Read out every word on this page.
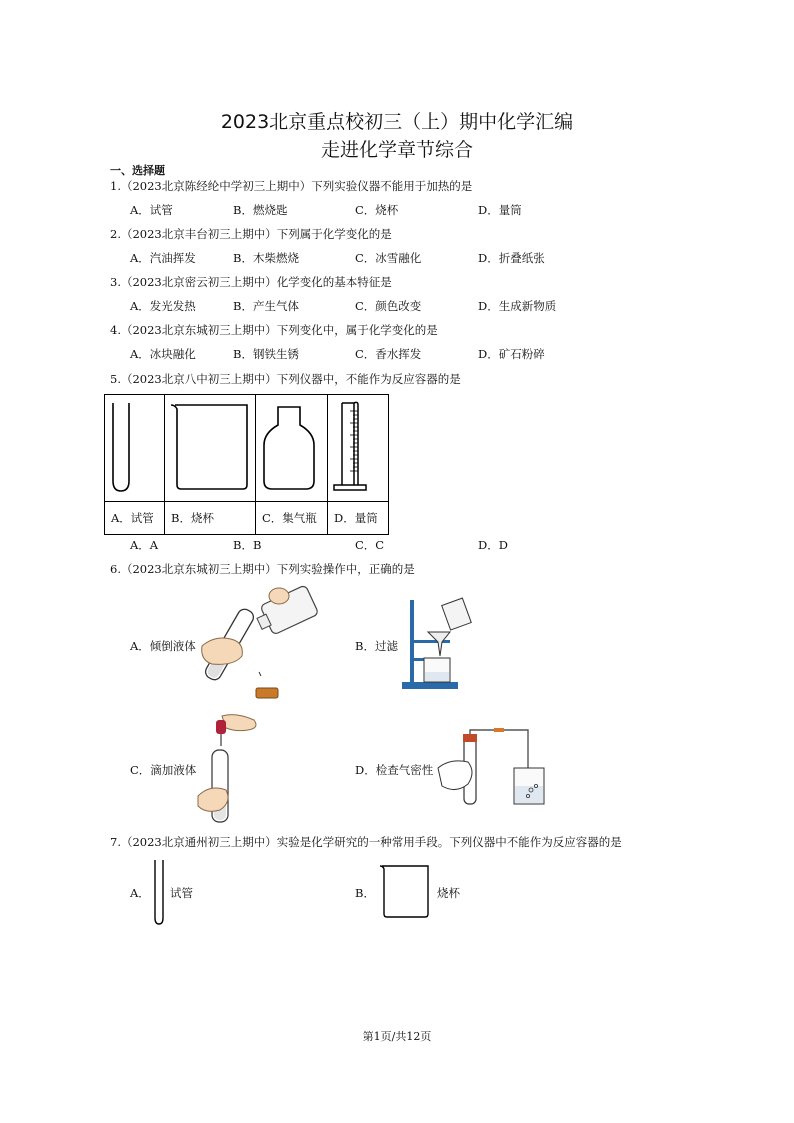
2023北京重点校初三（上）期中化学汇编
走进化学章节综合
一、选择题
1.（2023北京陈经纶中学初三上期中）下列实验仪器不能用于加热的是
A．试管	B．燃烧匙	C．烧杯	D．量筒
2.（2023北京丰台初三上期中）下列属于化学变化的是
A．汽油挥发	B．木柴燃烧	C．冰雪融化	D．折叠纸张
3.（2023北京密云初三上期中）化学变化的基本特征是
A．发光发热	B．产生气体	C．颜色改变	D．生成新物质
4.（2023北京东城初三上期中）下列变化中，属于化学变化的是
A．冰块融化	B．钢铁生锈	C．香水挥发	D．矿石粉碎
5.（2023北京八中初三上期中）下列仪器中，不能作为反应容器的是

A．试管	B．烧杯	C．集气瓶	D．量筒
A．A	B．B	C．C	D．D
6.（2023北京东城初三上期中）下列实验操作中，正确的是
A．倾倒液体	B．过滤
C．滴加液体	D．检查气密性
7.（2023北京通州初三上期中）实验是化学研究的一种常用手段。下列仪器中不能作为反应容器的是
A． 试管	B．	烧杯
第1页/共12页
